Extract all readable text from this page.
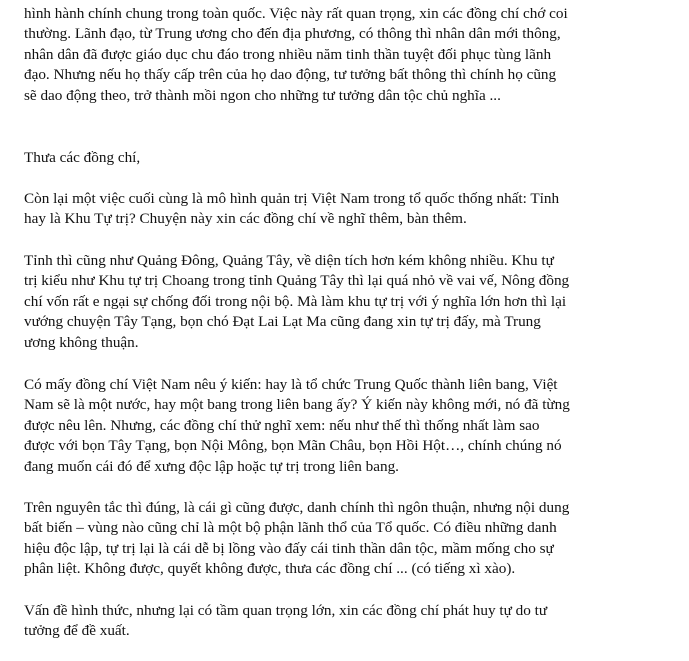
hình hành chính chung trong toàn quốc. Việc này rất quan trọng, xin các đồng chí chớ coi
thường. Lãnh đạo, từ Trung ương cho đến địa phương, có thông thì nhân dân mới thông,
nhân dân đã được giáo dục chu đáo trong nhiều năm tinh thần tuyệt đối phục tùng lãnh
đạo. Nhưng nếu họ thấy cấp trên của họ dao động, tư tưởng bất thông thì chính họ cũng
sẽ dao động theo, trở thành mồi ngon cho những tư tưởng dân tộc chủ nghĩa ...
Thưa các đồng chí,
Còn lại một việc cuối cùng là mô hình quản trị Việt Nam trong tổ quốc thống nhất: Tỉnh
hay là Khu Tự trị? Chuyện này xin các đồng chí về nghĩ thêm, bàn thêm.
Tỉnh thì cũng như Quảng Đông, Quảng Tây, về diện tích hơn kém không nhiều. Khu tự
trị kiểu như Khu tự trị Choang trong tỉnh Quảng Tây thì lại quá nhỏ về vai vế, Nông đồng
chí vốn rất e ngại sự chống đối trong nội bộ. Mà làm khu tự trị với ý nghĩa lớn hơn thì lại
vướng chuyện Tây Tạng, bọn chó Đạt Lai Lạt Ma cũng đang xin tự trị đấy, mà Trung
ương không thuận.
Có mấy đồng chí Việt Nam nêu ý kiến: hay là tổ chức Trung Quốc thành liên bang, Việt
Nam sẽ là một nước, hay một bang trong liên bang ấy? Ý kiến này không mới, nó đã từng
được nêu lên. Nhưng, các đồng chí thử nghĩ xem: nếu như thế thì thống nhất làm sao
được với bọn Tây Tạng, bọn Nội Mông, bọn Mãn Châu, bọn Hồi Hột…, chính chúng nó
đang muốn cái đó để xưng độc lập hoặc tự trị trong liên bang.
Trên nguyên tắc thì đúng, là cái gì cũng được, danh chính thì ngôn thuận, nhưng nội dung
bất biến – vùng nào cũng chỉ là một bộ phận lãnh thổ của Tổ quốc. Có điều những danh
hiệu độc lập, tự trị lại là cái dễ bị lồng vào đấy cái tinh thần dân tộc, mầm mống cho sự
phân liệt. Không được, quyết không được, thưa các đồng chí ... (có tiếng xì xào).
Vấn đề hình thức, nhưng lại có tầm quan trọng lớn, xin các đồng chí phát huy tự do tư
tưởng để đề xuất.
